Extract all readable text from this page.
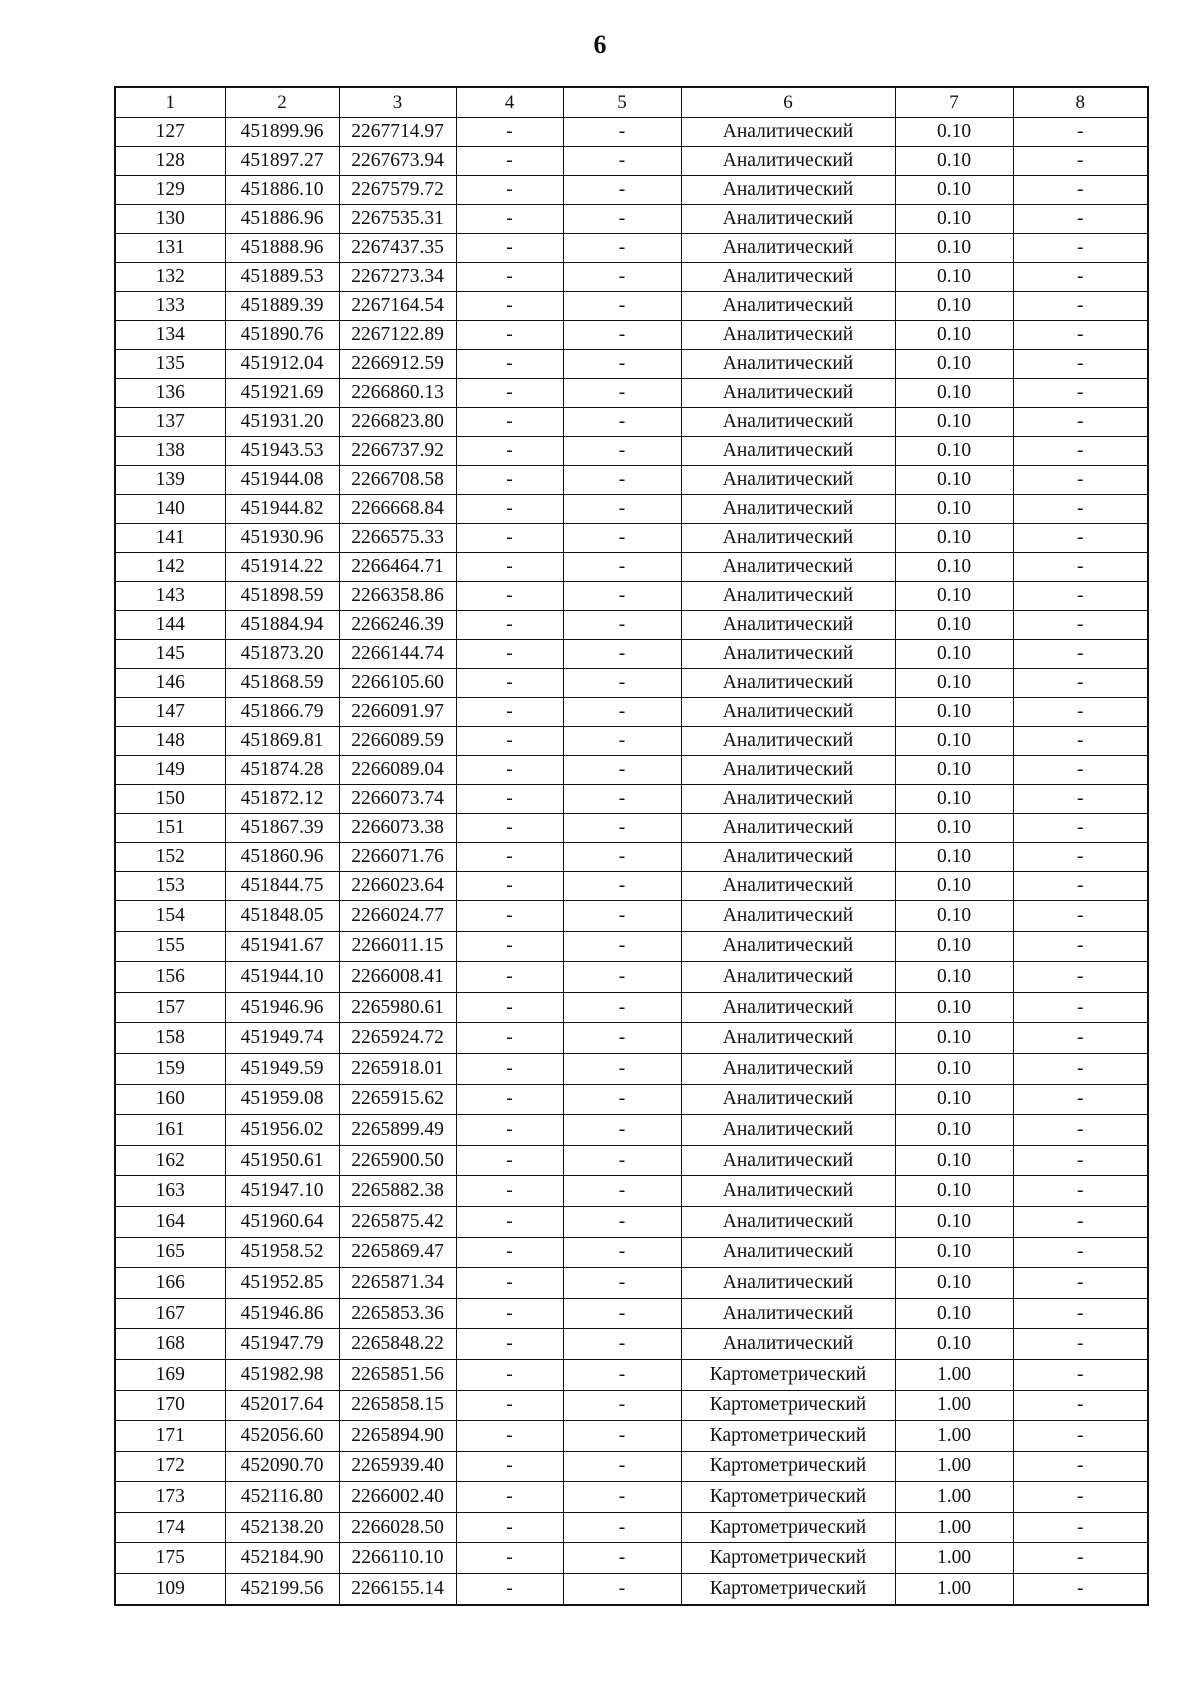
6
1	2	3	4	5	6	7	8
127	451899.96	2267714.97	-	-	Аналитический	0.10	-
128	451897.27	2267673.94	-	-	Аналитический	0.10	-
129	451886.10	2267579.72	-	-	Аналитический	0.10	-
130	451886.96	2267535.31	-	-	Аналитический	0.10	-
131	451888.96	2267437.35	-	-	Аналитический	0.10	-
132	451889.53	2267273.34	-	-	Аналитический	0.10	-
133	451889.39	2267164.54	-	-	Аналитический	0.10	-
134	451890.76	2267122.89	-	-	Аналитический	0.10	-
135	451912.04	2266912.59	-	-	Аналитический	0.10	-
136	451921.69	2266860.13	-	-	Аналитический	0.10	-
137	451931.20	2266823.80	-	-	Аналитический	0.10	-
138	451943.53	2266737.92	-	-	Аналитический	0.10	-
139	451944.08	2266708.58	-	-	Аналитический	0.10	-
140	451944.82	2266668.84	-	-	Аналитический	0.10	-
141	451930.96	2266575.33	-	-	Аналитический	0.10	-
142	451914.22	2266464.71	-	-	Аналитический	0.10	-
143	451898.59	2266358.86	-	-	Аналитический	0.10	-
144	451884.94	2266246.39	-	-	Аналитический	0.10	-
145	451873.20	2266144.74	-	-	Аналитический	0.10	-
146	451868.59	2266105.60	-	-	Аналитический	0.10	-
147	451866.79	2266091.97	-	-	Аналитический	0.10	-
148	451869.81	2266089.59	-	-	Аналитический	0.10	-
149	451874.28	2266089.04	-	-	Аналитический	0.10	-
150	451872.12	2266073.74	-	-	Аналитический	0.10	-
151	451867.39	2266073.38	-	-	Аналитический	0.10	-
152	451860.96	2266071.76	-	-	Аналитический	0.10	-
153	451844.75	2266023.64	-	-	Аналитический	0.10	-
154	451848.05	2266024.77	-	-	Аналитический	0.10	-
155	451941.67	2266011.15	-	-	Аналитический	0.10	-
156	451944.10	2266008.41	-	-	Аналитический	0.10	-
157	451946.96	2265980.61	-	-	Аналитический	0.10	-
158	451949.74	2265924.72	-	-	Аналитический	0.10	-
159	451949.59	2265918.01	-	-	Аналитический	0.10	-
160	451959.08	2265915.62	-	-	Аналитический	0.10	-
161	451956.02	2265899.49	-	-	Аналитический	0.10	-
162	451950.61	2265900.50	-	-	Аналитический	0.10	-
163	451947.10	2265882.38	-	-	Аналитический	0.10	-
164	451960.64	2265875.42	-	-	Аналитический	0.10	-
165	451958.52	2265869.47	-	-	Аналитический	0.10	-
166	451952.85	2265871.34	-	-	Аналитический	0.10	-
167	451946.86	2265853.36	-	-	Аналитический	0.10	-
168	451947.79	2265848.22	-	-	Аналитический	0.10	-
169	451982.98	2265851.56	-	-	Картометрический	1.00	-
170	452017.64	2265858.15	-	-	Картометрический	1.00	-
171	452056.60	2265894.90	-	-	Картометрический	1.00	-
172	452090.70	2265939.40	-	-	Картометрический	1.00	-
173	452116.80	2266002.40	-	-	Картометрический	1.00	-
174	452138.20	2266028.50	-	-	Картометрический	1.00	-
175	452184.90	2266110.10	-	-	Картометрический	1.00	-
109	452199.56	2266155.14	-	-	Картометрический	1.00	-
